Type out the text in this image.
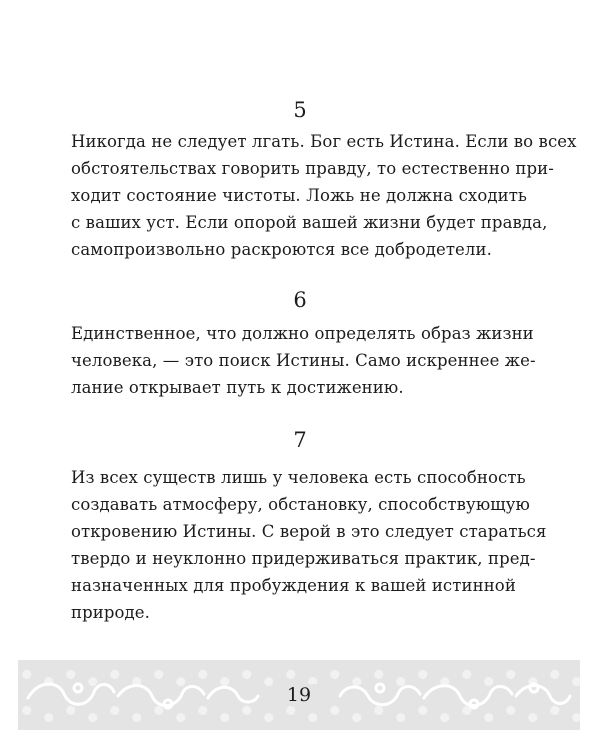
5
Никогда не следует лгать. Бог есть Истина. Если во всех
обстоятельствах говорить правду, то естественно при-
ходит состояние чистоты. Ложь не должна сходить
с ваших уст. Если опорой вашей жизни будет правда,
самопроизвольно раскроются все добродетели.
6
Единственное, что должно определять образ жизни
человека, — это поиск Истины. Само искреннее же-
лание открывает путь к достижению.
7
Из всех существ лишь у человека есть способность
создавать атмосферу, обстановку, способствующую
откровению Истины. С верой в это следует стараться
твердо и неуклонно придерживаться практик, пред-
назначенных для пробуждения к вашей истинной
природе.
19
